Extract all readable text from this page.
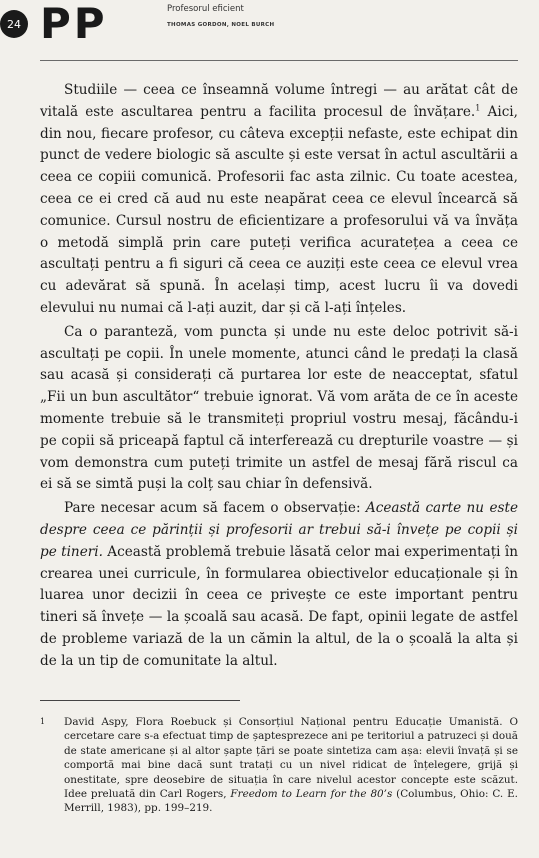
24 PP	Profesorul eficient
THOMAS GORDON, NOEL BURCH

Studiile — ceea ce înseamnă volume întregi — au arătat cât de vitală este ascultarea pentru a facilita procesul de învățare.$^1$ Aici, din nou, fiecare profesor, cu câteva excepții nefaste, este echipat din punct de vedere biologic să asculte și este versat în actul ascultării a ceea ce copiii comunică. Profesorii fac asta zilnic. Cu toate acestea, ceea ce ei cred că aud nu este neapărat ceea ce elevul încearcă să comunice. Cursul nostru de eficientizare a profesorului vă va învăța o metodă simplă prin care puteți verifica acuratețea a ceea ce ascultați pentru a fi siguri că ceea ce auziți este ceea ce elevul vrea cu adevărat să spună. În același timp, acest lucru îi va dovedi elevului nu numai că l-ați auzit, dar și că l-ați înțeles.

Ca o paranteză, vom puncta și unde nu este deloc potrivit să-i ascultați pe copii. În unele momente, atunci când le predați la clasă sau acasă și considerați că purtarea lor este de neacceptat, sfatul „Fii un bun ascultător“ trebuie ignorat. Vă vom arăta de ce în aceste momente trebuie să le transmiteți propriul vostru mesaj, făcându-i pe copii să priceapă faptul că interferează cu drepturile voastre — și vom demonstra cum puteți trimite un astfel de mesaj fără riscul ca ei să se simtă puși la colț sau chiar în defensivă.

Pare necesar acum să facem o observație: Această carte nu este despre ceea ce părinții și profesorii ar trebui să-i învețe pe copii și pe tineri. Această problemă trebuie lăsată celor mai experimentați în crearea unei curricule, în formularea obiectivelor educaționale și în luarea unor decizii în ceea ce privește ce este important pentru tineri să învețe — la școală sau acasă. De fapt, opinii legate de astfel de probleme variază de la un cămin la altul, de la o școală la alta și de la un tip de comunitate la altul.

1 David Aspy, Flora Roebuck și Consorțiul Național pentru Educație Umanistă. O cercetare care s-a efectuat timp de șaptesprezece ani pe teritoriul a patruzeci și două de state americane și al altor șapte țări se poate sintetiza cam așa: elevii învață și se comportă mai bine dacă sunt tratați cu un nivel ridicat de înțelegere, grijă și onestitate, spre deosebire de situația în care nivelul acestor concepte este scăzut. Idee preluată din Carl Rogers, Freedom to Learn for the 80’s (Columbus, Ohio: C. E. Merrill, 1983), pp. 199–219.
